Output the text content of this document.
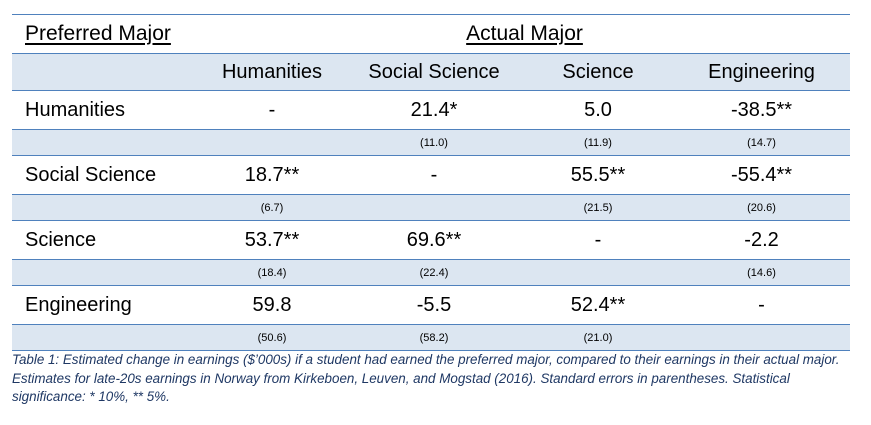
Preferred Major	Actual Major			
	Humanities	Social Science	Science	Engineering
Humanities	-	21.4*	5.0	-38.5**
		(11.0)	(11.9)	(14.7)
Social Science	18.7**	-	55.5**	-55.4**
	(6.7)		(21.5)	(20.6)
Science	53.7**	69.6**	-	-2.2
	(18.4)	(22.4)		(14.6)
Engineering	59.8	-5.5	52.4**	-
	(50.6)	(58.2)	(21.0)	
Table 1: Estimated change in earnings ($’000s) if a student had earned the preferred major, compared to their earnings in their actual major. Estimates for late-20s earnings in Norway from Kirkeboen, Leuven, and Mogstad (2016). Standard errors in parentheses. Statistical significance: * 10%, ** 5%.
